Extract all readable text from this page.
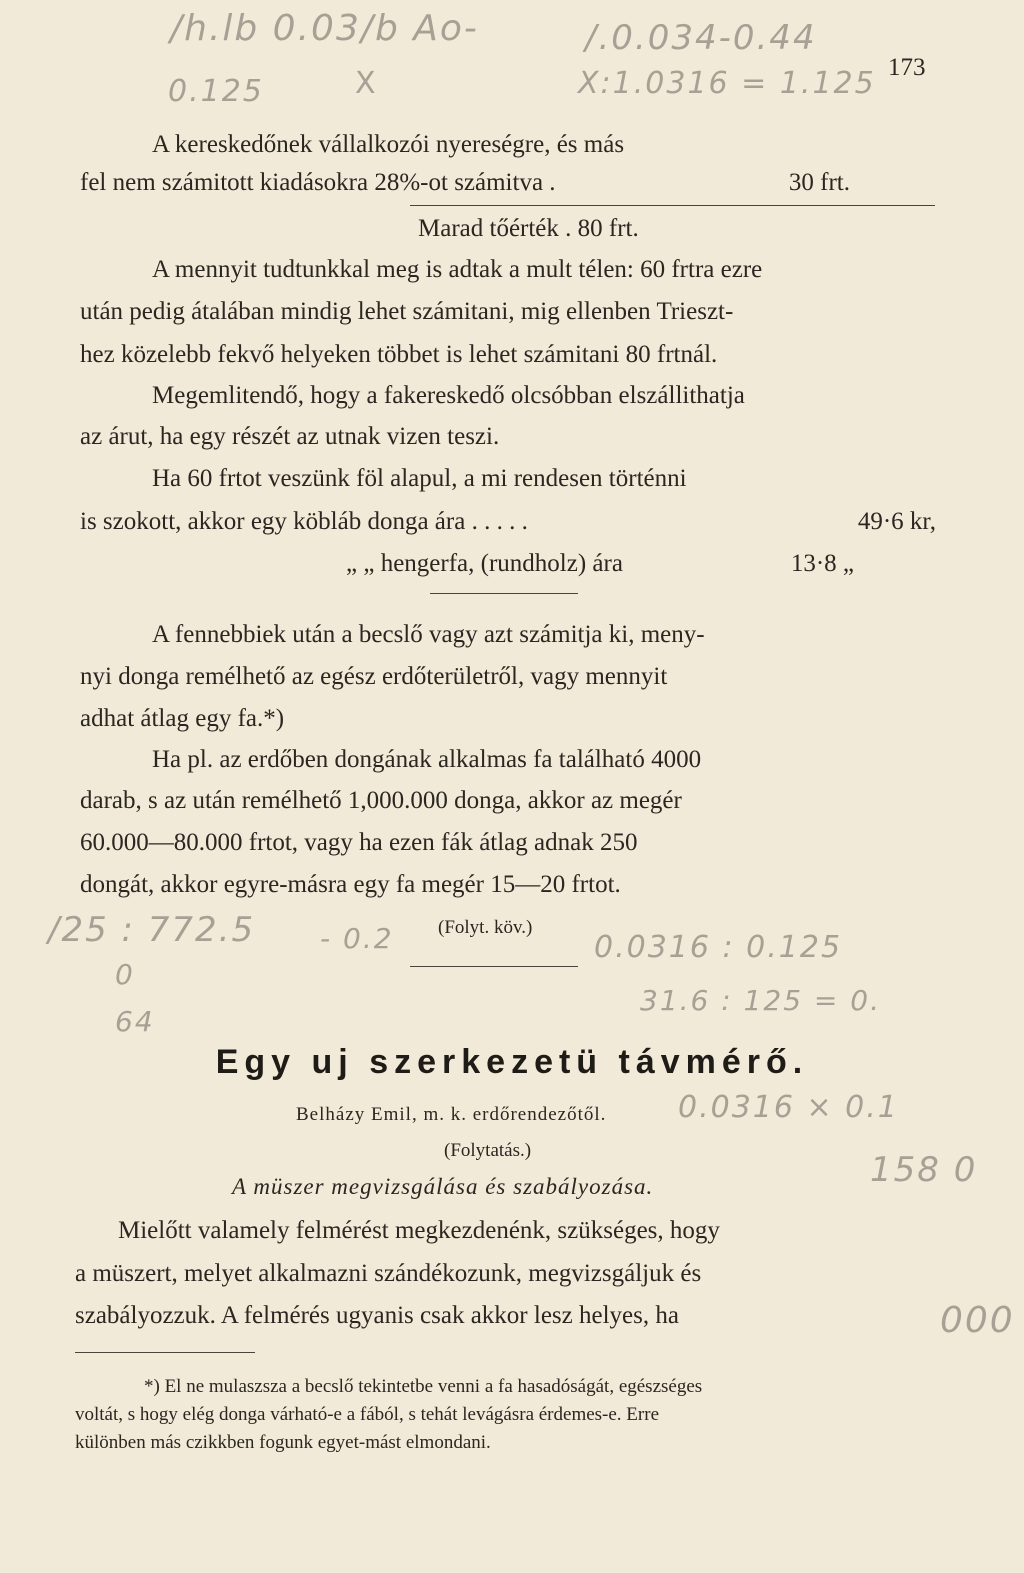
/h.lb 0.03/b Ao-	/.0.034-0.44
0.125	X	X:1.0316 = 1.125 173
A kereskedőnek vállalkozói nyereségre, és más
fel nem számitott kiadásokra 28%-ot számitva .	30 frt.
Marad tőérték . 80 frt.
A mennyit tudtunkkal meg is adtak a mult télen: 60 frtra ezre
után pedig átalában mindig lehet számitani, mig ellenben Trieszt-
hez közelebb fekvő helyeken többet is lehet számitani 80 frtnál.
Megemlitendő, hogy a fakereskedő olcsóbban elszállithatja
az árut, ha egy részét az utnak vizen teszi.
Ha 60 frtot veszünk föl alapul, a mi rendesen történni
is szokott, akkor egy köbláb donga ára . . . . .	49·6 kr,
„ „ hengerfa, (rundholz) ára	13·8 „
A fennebbiek után a becslő vagy azt számitja ki, meny-
nyi donga remélhető az egész erdőterületről, vagy mennyit
adhat átlag egy fa.*)
Ha pl. az erdőben dongának alkalmas fa található 4000
darab, s az után remélhető 1,000.000 donga, akkor az megér
60.000—80.000 frtot, vagy ha ezen fák átlag adnak 250
dongát, akkor egyre-másra egy fa megér 15—20 frtot.
/25 : 772.5 - 0.2 (Folyt. köv.)
0.0316 : 0.125
0
64
31.6 : 125 = 0.
Egy uj szerkezetü távmérő.
Belházy Emil, m. k. erdőrendezőtől. 0.0316 × 0.1
(Folytatás.)
A müszer megvizsgálása és szabályozása.	158 0
Mielőtt valamely felmérést megkezdenénk, szükséges, hogy
a müszert, melyet alkalmazni szándékozunk, megvizsgáljuk és
szabályozzuk. A felmérés ugyanis csak akkor lesz helyes, ha	000
*) El ne mulaszsza a becslő tekintetbe venni a fa hasadóságát, egészséges
voltát, s hogy elég donga várható-e a fából, s tehát levágásra érdemes-e. Erre
különben más czikkben fogunk egyet-mást elmondani.
